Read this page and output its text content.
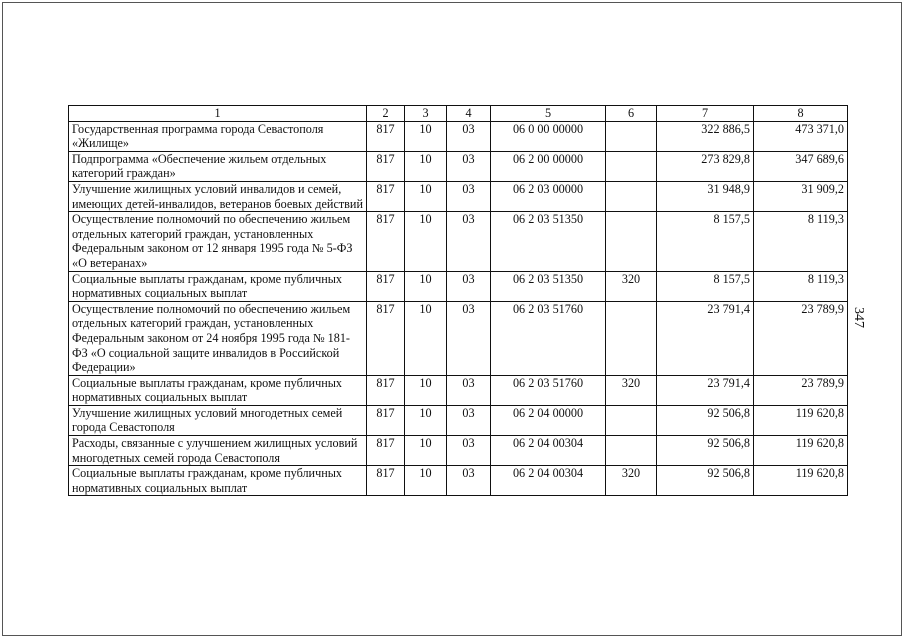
1	2	3	4	5	6	7	8
Государственная программа города Севастополя «Жилище»	817	10	03	06 0 00 00000		322 886,5	473 371,0
Подпрограмма «Обеспечение жильем отдельных категорий граждан»	817	10	03	06 2 00 00000		273 829,8	347 689,6
Улучшение жилищных условий инвалидов и семей, имеющих детей-инвалидов, ветеранов боевых действий	817	10	03	06 2 03 00000		31 948,9	31 909,2
Осуществление полномочий по обеспечению жильем отдельных категорий граждан, установленных Федеральным законом от 12 января 1995 года № 5-ФЗ «О ветеранах»	817	10	03	06 2 03 51350		8 157,5	8 119,3
Социальные выплаты гражданам, кроме публичных нормативных социальных выплат	817	10	03	06 2 03 51350	320	8 157,5	8 119,3
Осуществление полномочий по обеспечению жильем отдельных категорий граждан, установленных Федеральным законом от 24 ноября 1995 года № 181-ФЗ «О социальной защите инвалидов в Российской Федерации»	817	10	03	06 2 03 51760		23 791,4	23 789,9
Социальные выплаты гражданам, кроме публичных нормативных социальных выплат	817	10	03	06 2 03 51760	320	23 791,4	23 789,9
Улучшение жилищных условий многодетных семей города Севастополя	817	10	03	06 2 04 00000		92 506,8	119 620,8
Расходы, связанные с улучшением жилищных условий многодетных семей города Севастополя	817	10	03	06 2 04 00304		92 506,8	119 620,8
Социальные выплаты гражданам, кроме публичных нормативных социальных выплат	817	10	03	06 2 04 00304	320	92 506,8	119 620,8
347
